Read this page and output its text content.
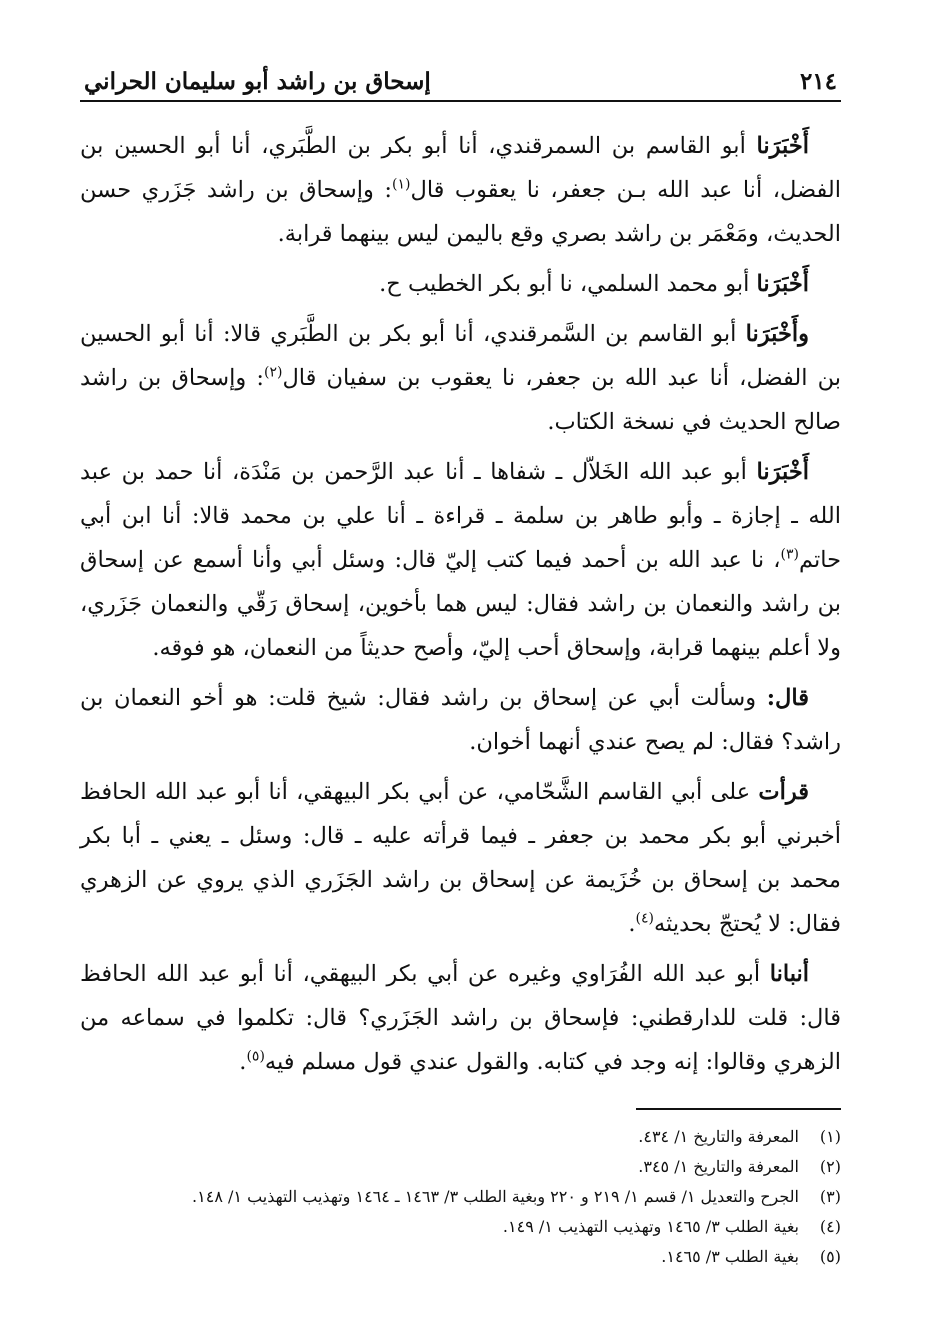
٢١٤
إسحاق بن راشد أبو سليمان الحراني

أَخْبَرَنا أبو القاسم بن السمرقندي، أنا أبو بكر بن الطَّبَري، أنا أبو الحسين بن الفضل، أنا عبد الله بـن جعفر، نا يعقوب قال$^{(١)}$: وإسحاق بن راشد جَزَري حسن الحديث، ومَعْمَر بن راشد بصري وقع باليمن ليس بينهما قرابة.

أَخْبَرَنا أبو محمد السلمي، نا أبو بكر الخطيب ح.

وأَخْبَرَنا أبو القاسم بن السَّمرقندي، أنا أبو بكر بن الطَّبَري قالا: أنا أبو الحسين بن الفضل، أنا عبد الله بن جعفر، نا يعقوب بن سفيان قال$^{(٢)}$: وإسحاق بن راشد صالح الحديث في نسخة الكتاب.

أَخْبَرَنا أبو عبد الله الخَلاّل ـ شفاها ـ أنا عبد الرَّحمن بن مَنْدَة، أنا حمد بن عبد الله ـ إجازة ـ وأبو طاهر بن سلمة ـ قراءة ـ أنا علي بن محمد قالا: أنا ابن أبي حاتم$^{(٣)}$، نا عبد الله بن أحمد فيما كتب إليّ قال: وسئل أبي وأنا أسمع عن إسحاق بن راشد والنعمان بن راشد فقال: ليس هما بأخوين، إسحاق رَقّي والنعمان جَزَري، ولا أعلم بينهما قرابة، وإسحاق أحب إليّ، وأصح حديثاً من النعمان، هو فوقه.

قال: وسألت أبي عن إسحاق بن راشد فقال: شيخ قلت: هو أخو النعمان بن راشد؟ فقال: لم يصح عندي أنهما أخوان.

قرأت على أبي القاسم الشَّحّامي، عن أبي بكر البيهقي، أنا أبو عبد الله الحافظ أخبرني أبو بكر محمد بن جعفر ـ فيما قرأته عليه ـ قال: وسئل ـ يعني ـ أبا بكر محمد بن إسحاق بن خُزَيمة عن إسحاق بن راشد الجَزَري الذي يروي عن الزهري فقال: لا يُحتجّ بحديثه$^{(٤)}$.

أنبانا أبو عبد الله الفُرَاوي وغيره عن أبي بكر البيهقي، أنا أبو عبد الله الحافظ قال: قلت للدارقطني: فإسحاق بن راشد الجَزَري؟ قال: تكلموا في سماعه من الزهري وقالوا: إنه وجد في كتابه. والقول عندي قول مسلم فيه$^{(٥)}$.

(١)
المعرفة والتاريخ ١/ ٤٣٤.
(٢)
المعرفة والتاريخ ١/ ٣٤٥.
(٣)
الجرح والتعديل ١/ قسم ١/ ٢١٩ و ٢٢٠ وبغية الطلب ٣/ ١٤٦٣ ـ ١٤٦٤ وتهذيب التهذيب ١/ ١٤٨.
(٤)
بغية الطلب ٣/ ١٤٦٥ وتهذيب التهذيب ١/ ١٤٩.
(٥)
بغية الطلب ٣/ ١٤٦٥.
